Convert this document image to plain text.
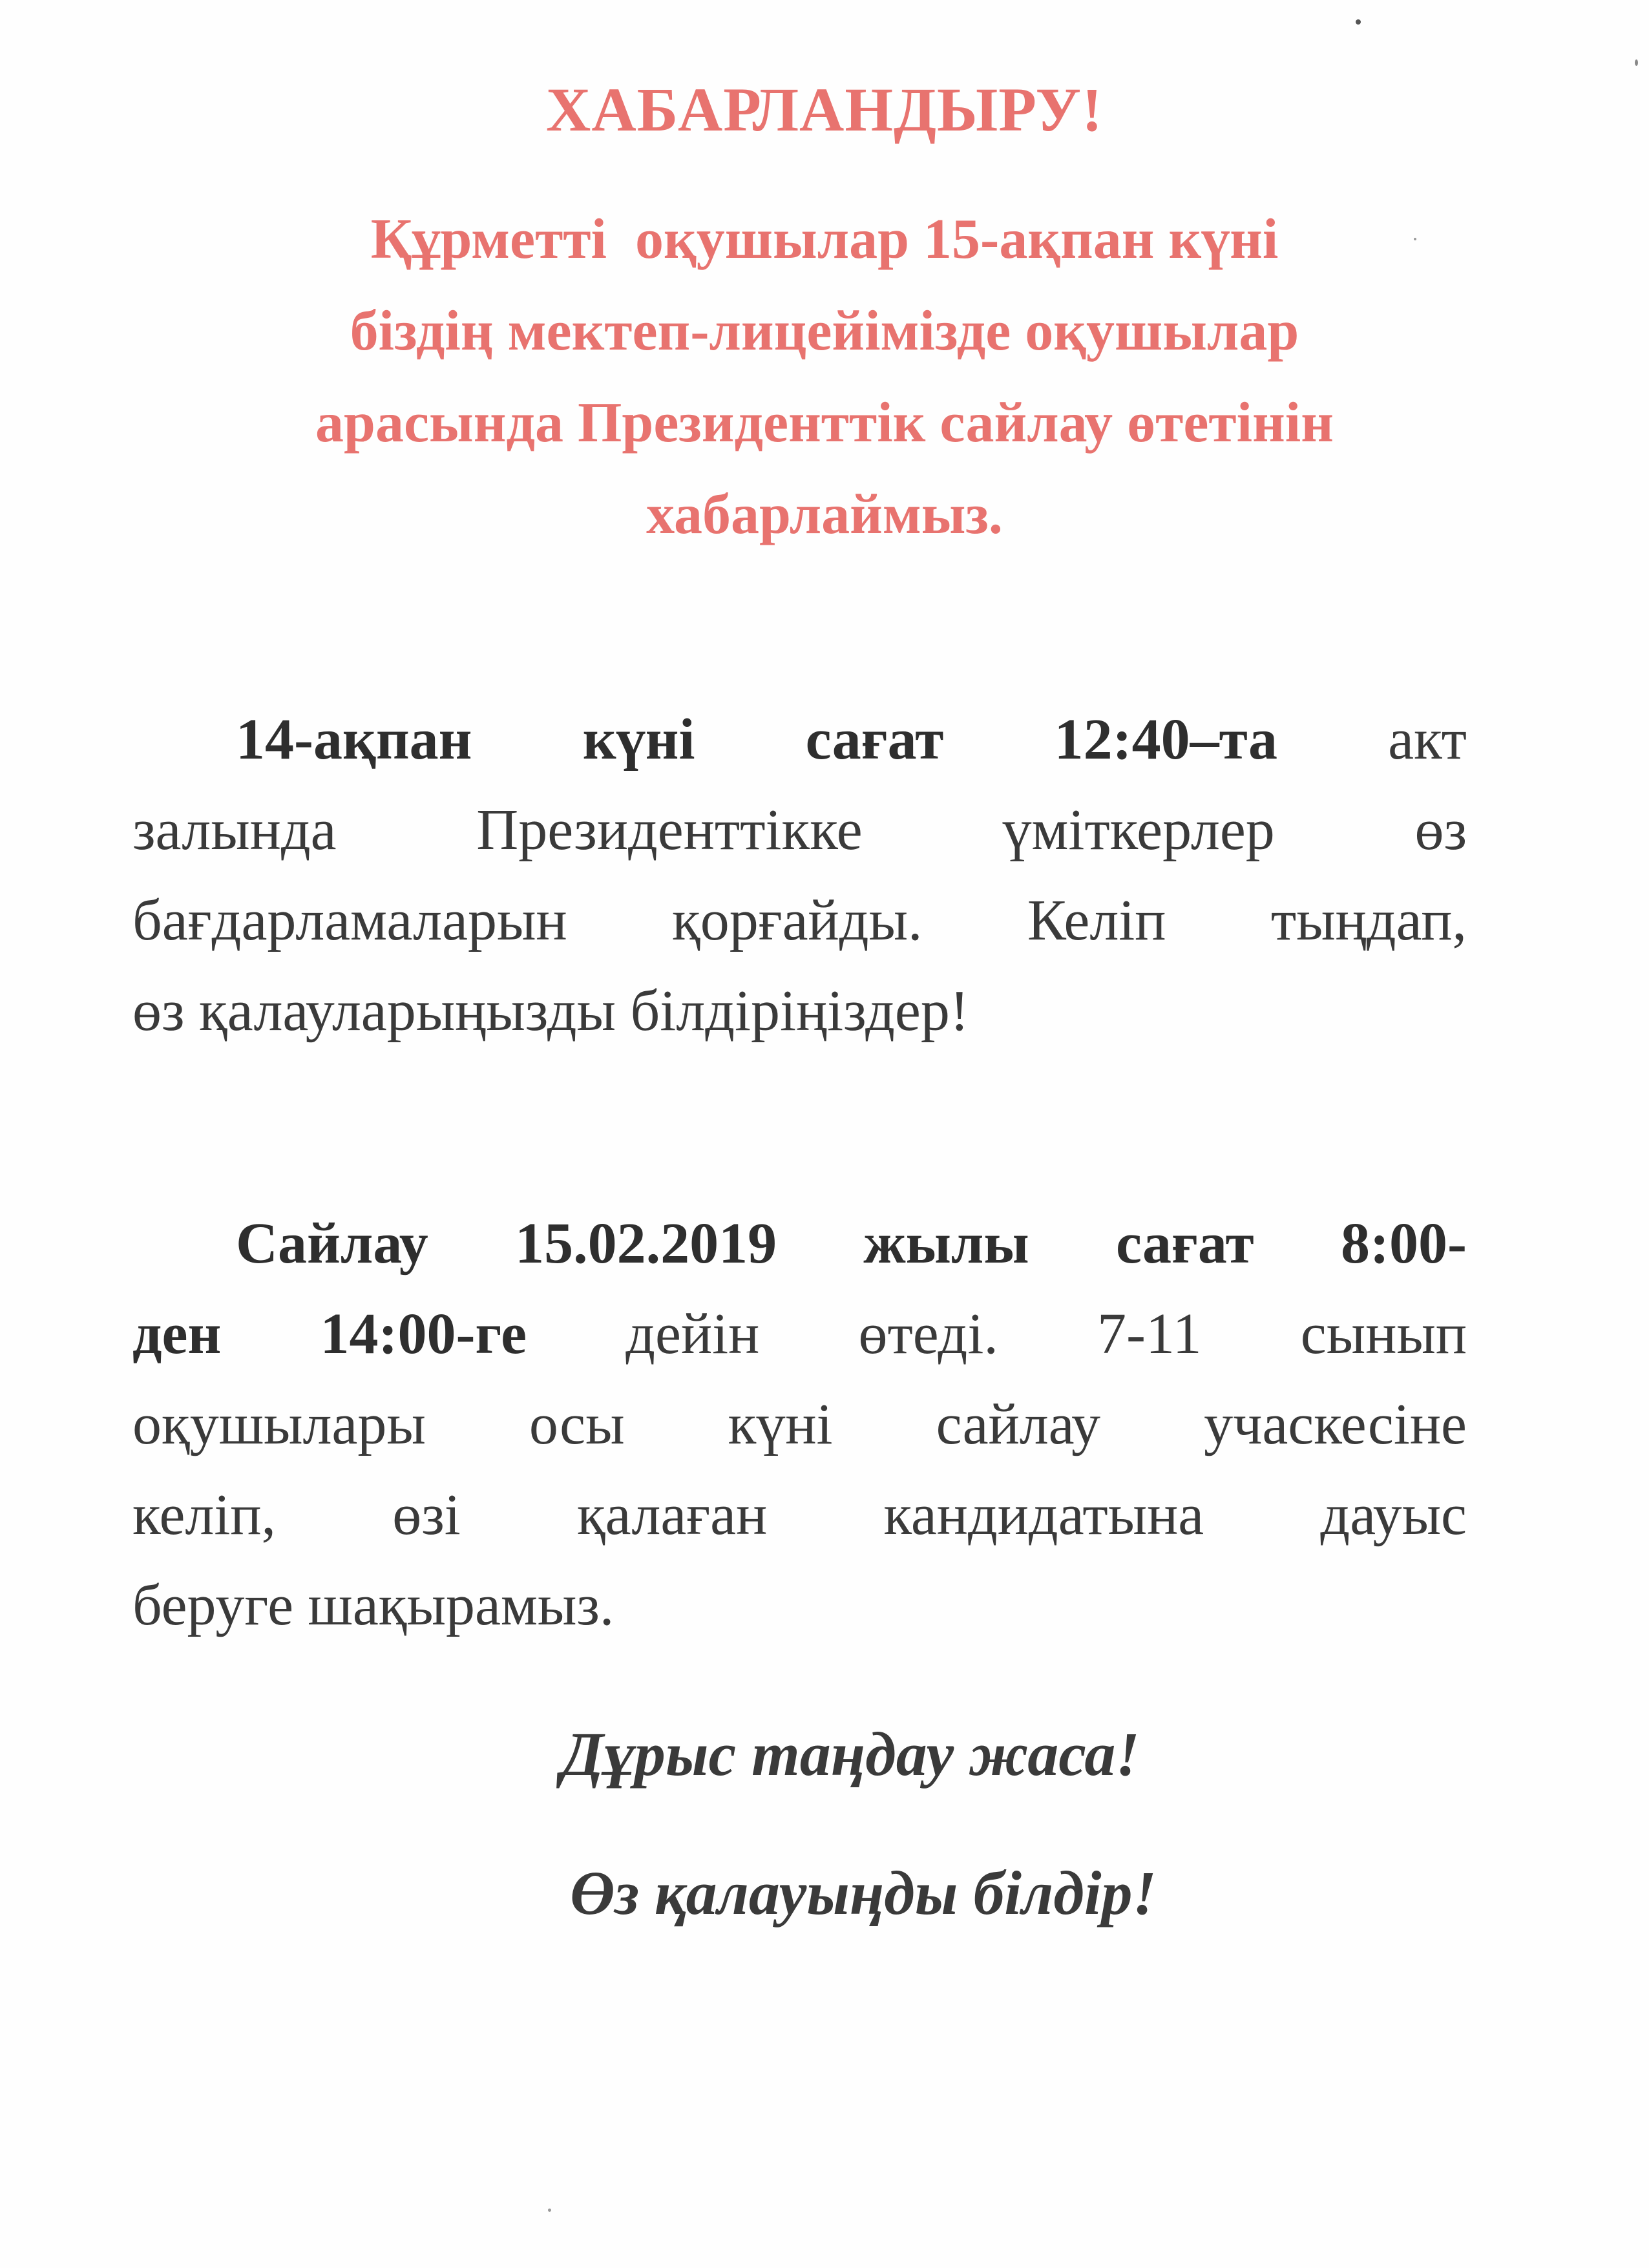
ХАБАРЛАНДЫРУ!
Құрметті  оқушылар 15-ақпан күні
біздің мектеп-лицейімізде оқушылар
арасында Президенттік сайлау өтетінін
хабарлаймыз.
14-ақпан күні сағат 12:40–та акт
залында Президенттікке үміткерлер өз
бағдарламаларын қорғайды. Келіп тыңдап,
өз қалауларыңызды білдіріңіздер!
Сайлау 15.02.2019 жылы сағат 8:00-
ден 14:00-ге дейін өтеді. 7-11 сынып
оқушылары осы күні сайлау учаскесіне
келіп, өзі қалаған кандидатына дауыс
беруге шақырамыз.
Дұрыс таңдау жаса!
Өз қалауыңды білдір!
